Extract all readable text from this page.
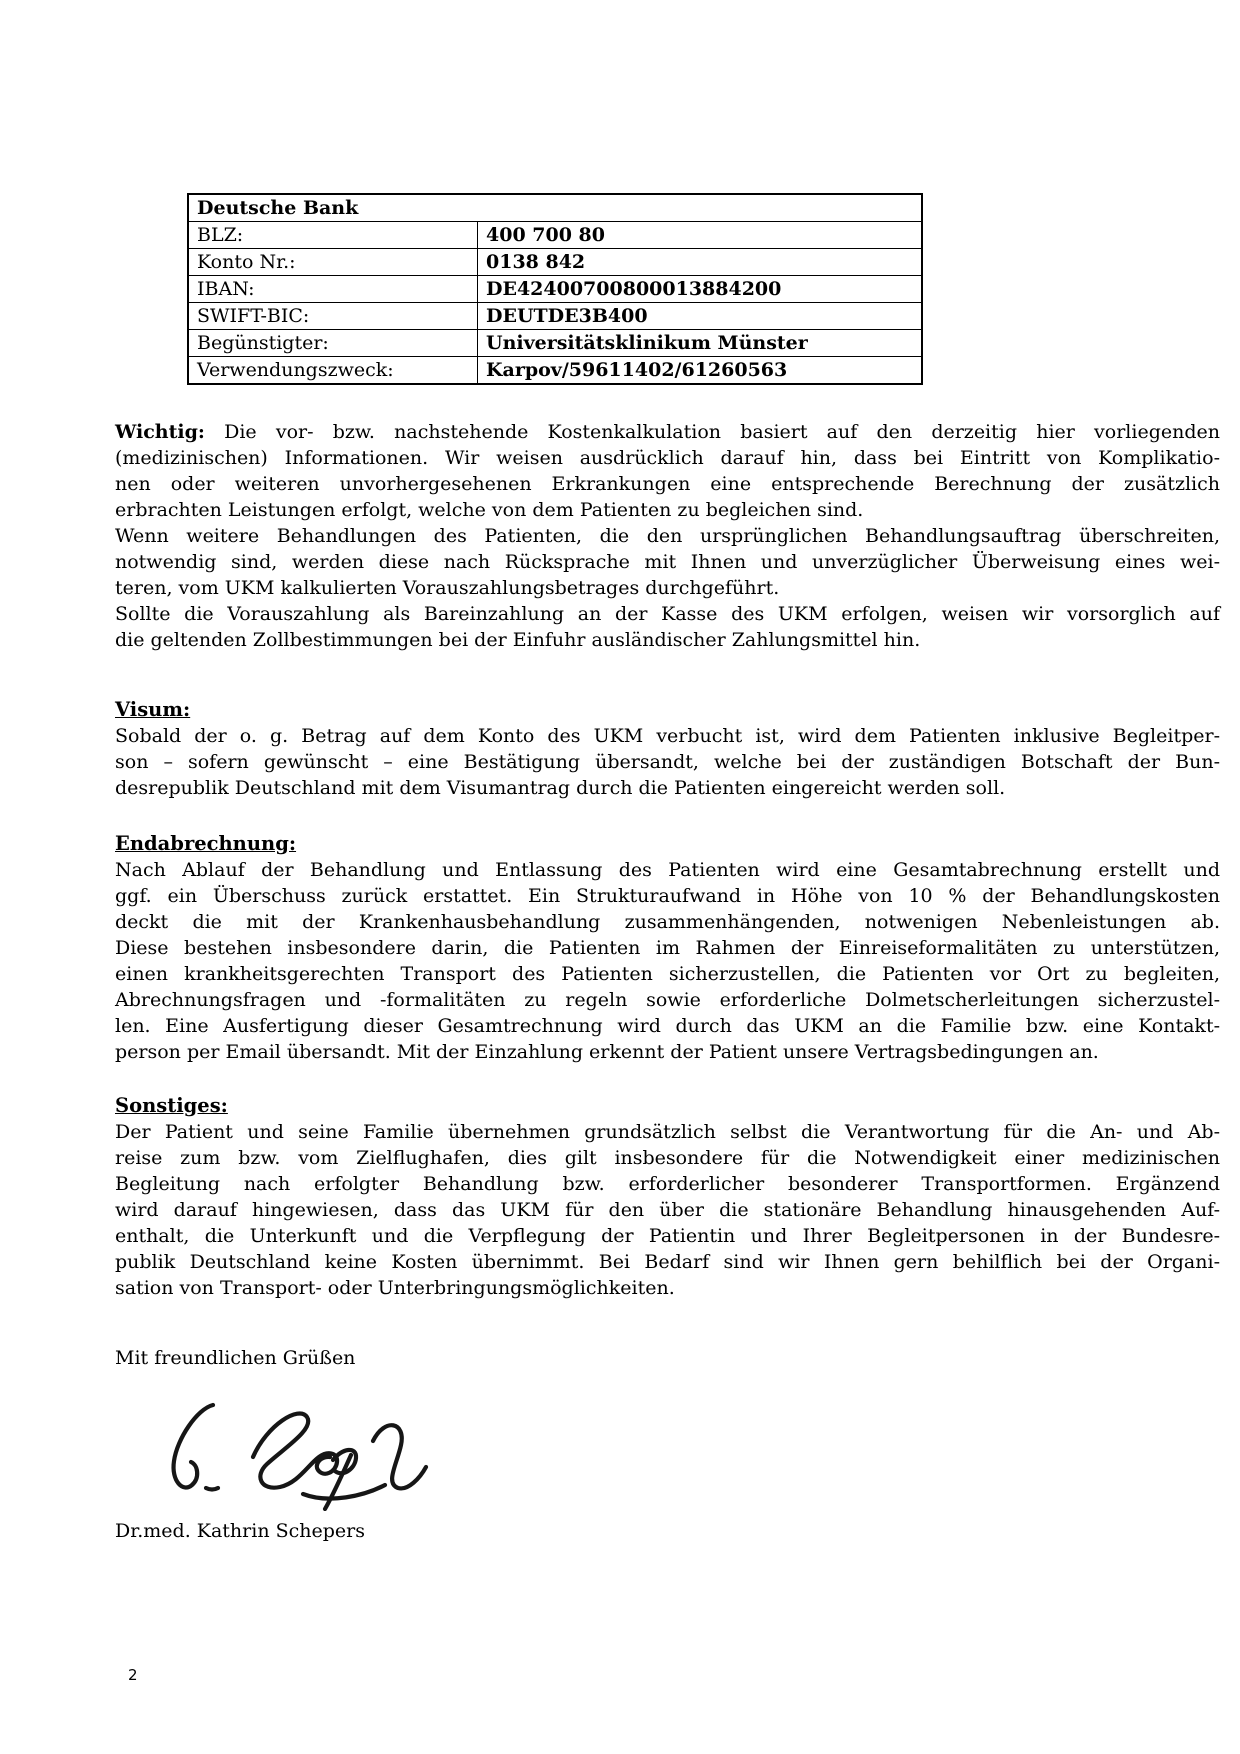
Deutsche Bank	
BLZ:	400 700 80
Konto Nr.:	0138 842
IBAN:	DE42400700800013884200
SWIFT-BIC:	DEUTDE3B400
Begünstigter:	Universitätsklinikum Münster
Verwendungszweck:	Karpov/59611402/61260563
Wichtig: Die vor- bzw. nachstehende Kostenkalkulation basiert auf den derzeitig hier vorliegenden
(medizinischen) Informationen. Wir weisen ausdrücklich darauf hin, dass bei Eintritt von Komplikatio-
nen oder weiteren unvorhergesehenen Erkrankungen eine entsprechende Berechnung der zusätzlich
erbrachten Leistungen erfolgt, welche von dem Patienten zu begleichen sind.
Wenn weitere Behandlungen des Patienten, die den ursprünglichen Behandlungsauftrag überschreiten,
notwendig sind, werden diese nach Rücksprache mit Ihnen und unverzüglicher Überweisung eines wei-
teren, vom UKM kalkulierten Vorauszahlungsbetrages durchgeführt.
Sollte die Vorauszahlung als Bareinzahlung an der Kasse des UKM erfolgen, weisen wir vorsorglich auf
die geltenden Zollbestimmungen bei der Einfuhr ausländischer Zahlungsmittel hin.
Visum:
Sobald der o. g. Betrag auf dem Konto des UKM verbucht ist, wird dem Patienten inklusive Begleitper-
son – sofern gewünscht – eine Bestätigung übersandt, welche bei der zuständigen Botschaft der Bun-
desrepublik Deutschland mit dem Visumantrag durch die Patienten eingereicht werden soll.
Endabrechnung:
Nach Ablauf der Behandlung und Entlassung des Patienten wird eine Gesamtabrechnung erstellt und
ggf. ein Überschuss zurück erstattet. Ein Strukturaufwand in Höhe von 10 % der Behandlungskosten
deckt die mit der Krankenhausbehandlung zusammenhängenden, notwenigen Nebenleistungen ab.
Diese bestehen insbesondere darin, die Patienten im Rahmen der Einreiseformalitäten zu unterstützen,
einen krankheitsgerechten Transport des Patienten sicherzustellen, die Patienten vor Ort zu begleiten,
Abrechnungsfragen und -formalitäten zu regeln sowie erforderliche Dolmetscherleitungen sicherzustel-
len. Eine Ausfertigung dieser Gesamtrechnung wird durch das UKM an die Familie bzw. eine Kontakt-
person per Email übersandt. Mit der Einzahlung erkennt der Patient unsere Vertragsbedingungen an.
Sonstiges:
Der Patient und seine Familie übernehmen grundsätzlich selbst die Verantwortung für die An- und Ab-
reise zum bzw. vom Zielflughafen, dies gilt insbesondere für die Notwendigkeit einer medizinischen
Begleitung nach erfolgter Behandlung bzw. erforderlicher besonderer Transportformen. Ergänzend
wird darauf hingewiesen, dass das UKM für den über die stationäre Behandlung hinausgehenden Auf-
enthalt, die Unterkunft und die Verpflegung der Patientin und Ihrer Begleitpersonen in der Bundesre-
publik Deutschland keine Kosten übernimmt. Bei Bedarf sind wir Ihnen gern behilflich bei der Organi-
sation von Transport- oder Unterbringungsmöglichkeiten.
Mit freundlichen Grüßen
Dr.med. Kathrin Schepers
2
